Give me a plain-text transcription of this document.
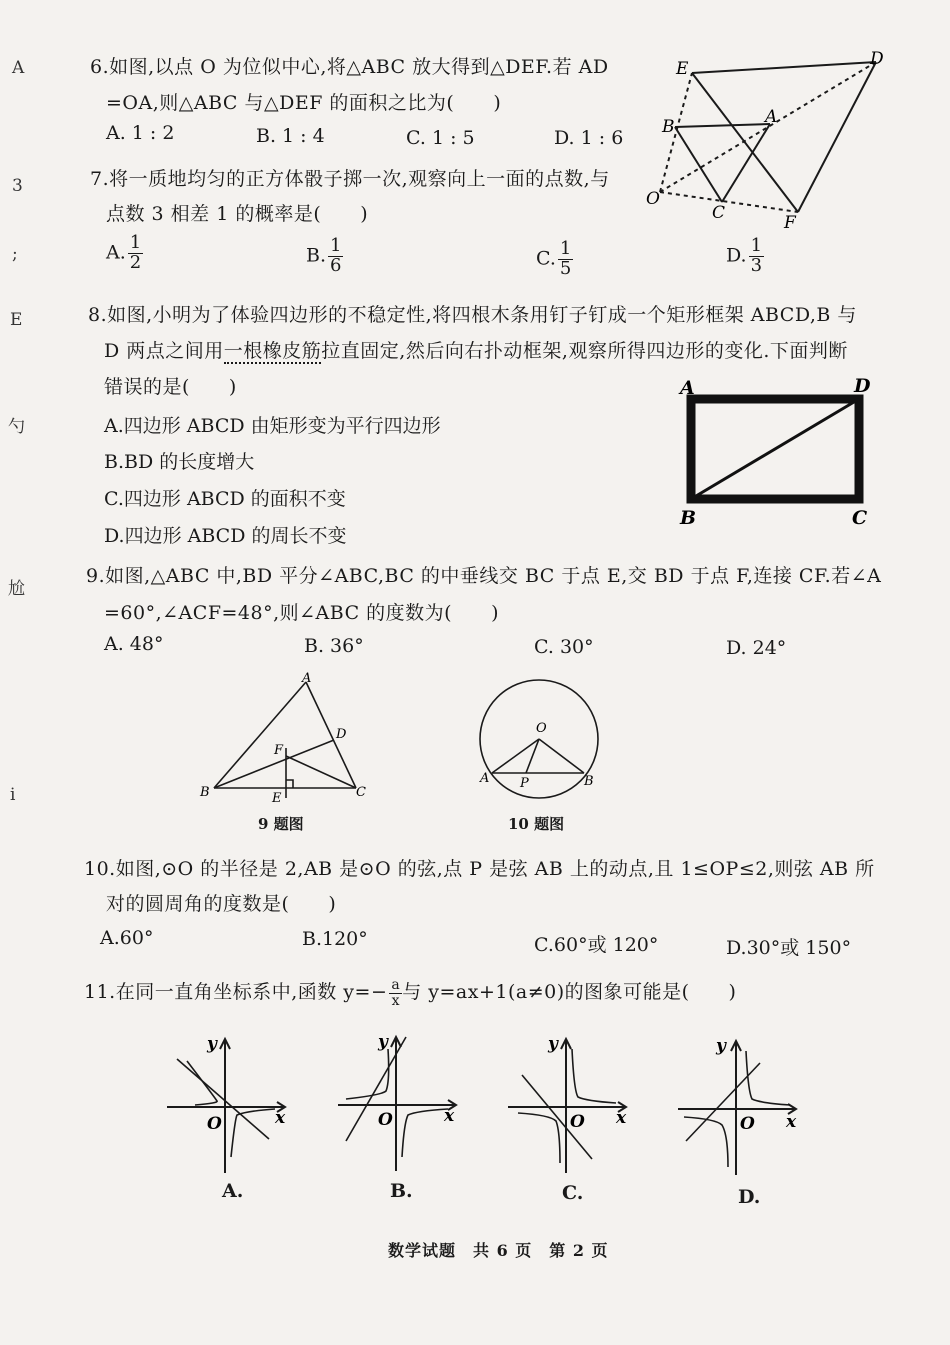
A
3
;
E
勺
尬
i
6.如图,以点 O 为位似中心,将△ABC 放大得到△DEF.若 AD
=OA,则△ABC 与△DEF 的面积之比为(　　)
A. 1 : 2	B. 1 : 4	C. 1 : 5	D. 1 : 6
E	D
B	A
O
C	F
7.将一质地均匀的正方体骰子掷一次,观察向上一面的点数,与
点数 3 相差 1 的概率是(　　)
A. $\frac{1}{2}$	B. $\frac{1}{6}$	C. $\frac{1}{5}$	D. $\frac{1}{3}$
8.如图,小明为了体验四边形的不稳定性,将四根木条用钉子钉成一个矩形框架 ABCD,B 与
D 两点之间用一根橡皮筋拉直固定,然后向右扑动框架,观察所得四边形的变化.下面判断
错误的是(　　)
A.四边形 ABCD 由矩形变为平行四边形
B.BD 的长度增大
C.四边形 ABCD 的面积不变
D.四边形 ABCD 的周长不变
A	D
B	C
9.如图,△ABC 中,BD 平分∠ABC,BC 的中垂线交 BC 于点 E,交 BD 于点 F,连接 CF.若∠A
=60°,∠ACF=48°,则∠ABC 的度数为(　　)
A. 48°	B. 36°	C. 30°	D. 24°
A
D
F
B	E	C
9 题图
O
A P	B
10 题图
10.如图,⊙O 的半径是 2,AB 是⊙O 的弦,点 P 是弦 AB 上的动点,且 1≤OP≤2,则弦 AB 所
对的圆周角的度数是(　　)
A.60°	B.120°	C.60°或 120°	D.30°或 150°
11.在同一直角坐标系中,函数 $y=- \frac{a}{x}$ 与 y=ax+1(a≠0)的图象可能是(　　)
y
O	x
A.
y
O	x
B.
y
O x
C.
y
O x
D.
数学试题　共 6 页　第 2 页
